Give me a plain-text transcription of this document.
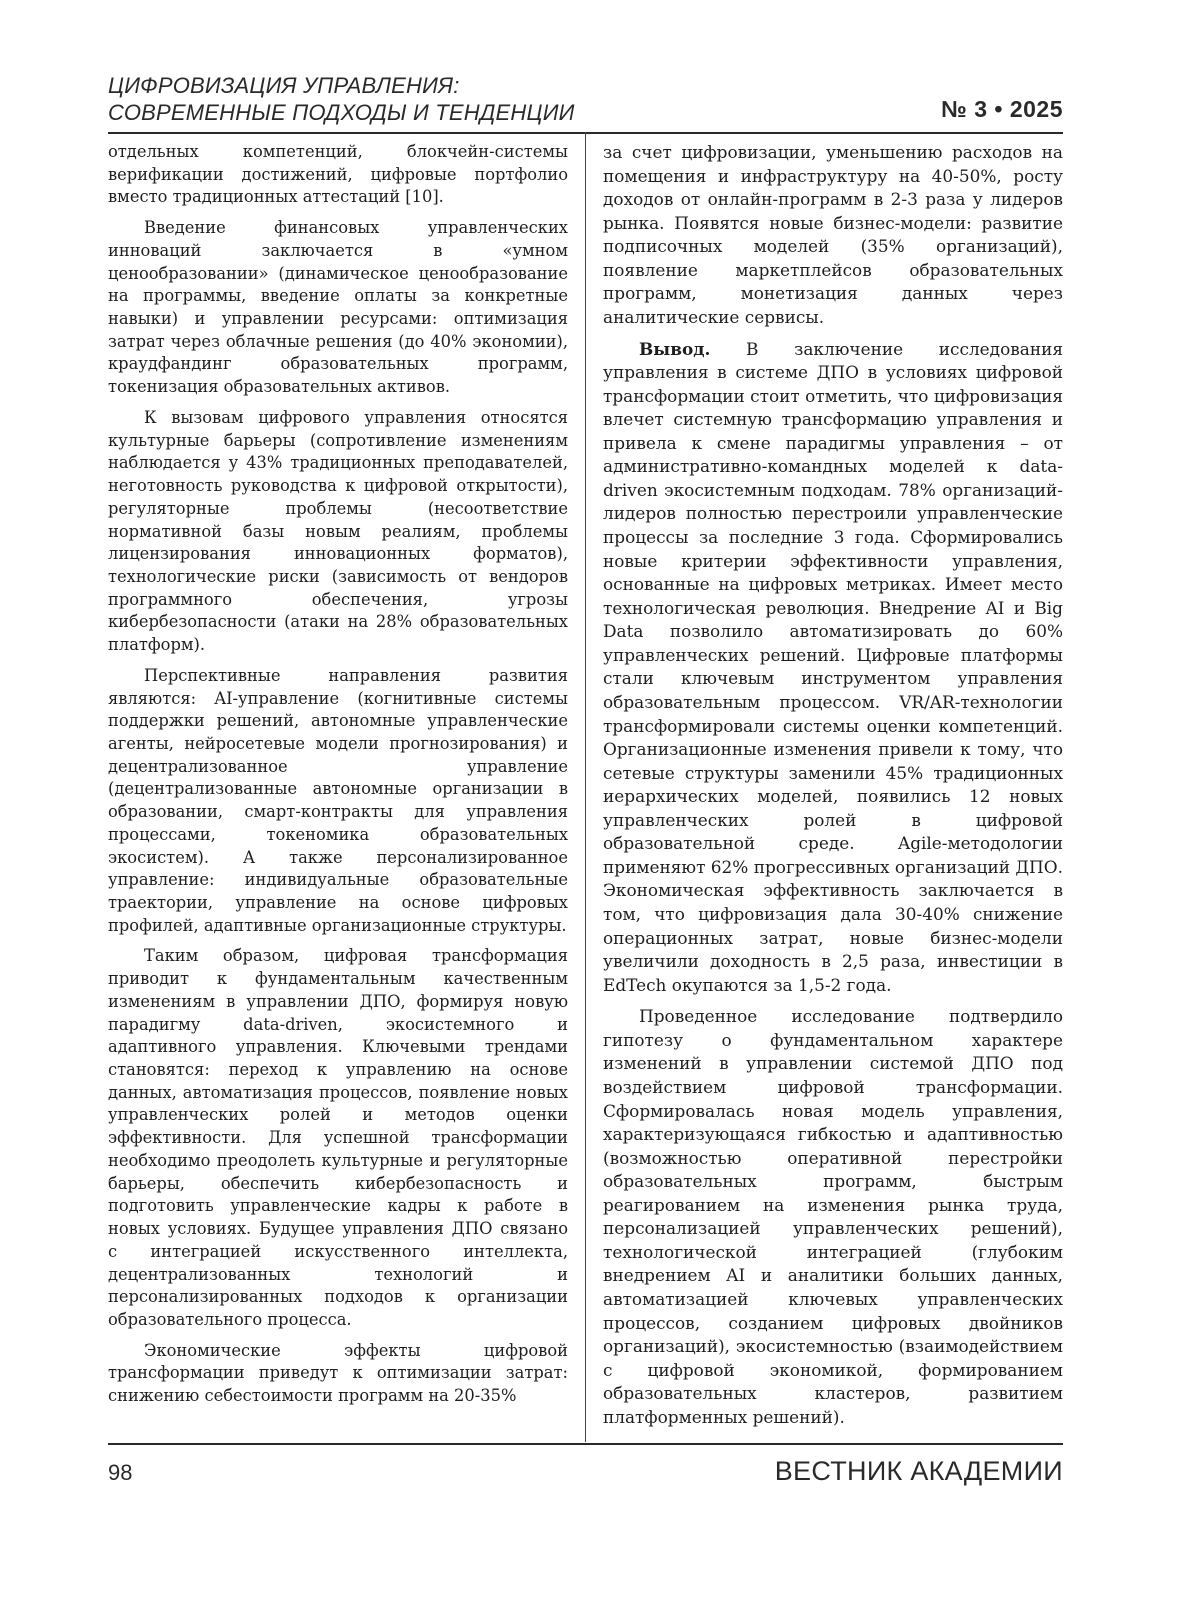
ЦИФРОВИЗАЦИЯ УПРАВЛЕНИЯ:
СОВРЕМЕННЫЕ ПОДХОДЫ И ТЕНДЕНЦИИ	№ 3 • 2025

отдельных компетенций, блокчейн-системы верификации достижений, цифровые портфолио вместо традиционных аттестаций [10].

Введение финансовых управленческих инноваций заключается в «умном ценообразовании» (динамическое ценообразование на программы, введение оплаты за конкретные навыки) и управлении ресурсами: оптимизация затрат через облачные решения (до 40% экономии), краудфандинг образовательных программ, токенизация образовательных активов.

К вызовам цифрового управления относятся культурные барьеры (сопротивление изменениям наблюдается у 43% традиционных преподавателей, неготовность руководства к цифровой открытости), регуляторные проблемы (несоответствие нормативной базы новым реалиям, проблемы лицензирования инновационных форматов), технологические риски (зависимость от вендоров программного обеспечения, угрозы кибербезопасности (атаки на 28% образовательных платформ).

Перспективные направления развития являются: AI-управление (когнитивные системы поддержки решений, автономные управленческие агенты, нейросетевые модели прогнозирования) и децентрализованное управление (децентрализованные автономные организации в образовании, смарт-контракты для управления процессами, токеномика образовательных экосистем). А также персонализированное управление: индивидуальные образовательные траектории, управление на основе цифровых профилей, адаптивные организационные структуры.

Таким образом, цифровая трансформация приводит к фундаментальным качественным изменениям в управлении ДПО, формируя новую парадигму data-driven, экосистемного и адаптивного управления. Ключевыми трендами становятся: переход к управлению на основе данных, автоматизация процессов, появление новых управленческих ролей и методов оценки эффективности. Для успешной трансформации необходимо преодолеть культурные и регуляторные барьеры, обеспечить кибербезопасность и подготовить управленческие кадры к работе в новых условиях. Будущее управления ДПО связано с интеграцией искусственного интеллекта, децентрализованных технологий и персонализированных подходов к организации образовательного процесса.

Экономические эффекты цифровой трансформации приведут к оптимизации затрат: снижению себестоимости программ на 20-35%

за счет цифровизации, уменьшению расходов на помещения и инфраструктуру на 40-50%, росту доходов от онлайн-программ в 2-3 раза у лидеров рынка. Появятся новые бизнес-модели: развитие подписочных моделей (35% организаций), появление маркетплейсов образовательных программ, монетизация данных через аналитические сервисы.

Вывод. В заключение исследования управления в системе ДПО в условиях цифровой трансформации стоит отметить, что цифровизация влечет системную трансформацию управления и привела к смене парадигмы управления – от административно-командных моделей к data-driven экосистемным подходам. 78% организаций-лидеров полностью перестроили управленческие процессы за последние 3 года. Сформировались новые критерии эффективности управления, основанные на цифровых метриках. Имеет место технологическая революция. Внедрение AI и Big Data позволило автоматизировать до 60% управленческих решений. Цифровые платформы стали ключевым инструментом управления образовательным процессом. VR/AR-технологии трансформировали системы оценки компетенций. Организационные изменения привели к тому, что сетевые структуры заменили 45% традиционных иерархических моделей, появились 12 новых управленческих ролей в цифровой образовательной среде. Agile-методологии применяют 62% прогрессивных организаций ДПО. Экономическая эффективность заключается в том, что цифровизация дала 30-40% снижение операционных затрат, новые бизнес-модели увеличили доходность в 2,5 раза, инвестиции в EdTech окупаются за 1,5-2 года.

Проведенное исследование подтвердило гипотезу о фундаментальном характере изменений в управлении системой ДПО под воздействием цифровой трансформации. Сформировалась новая модель управления, характеризующаяся гибкостью и адаптивностью (возможностью оперативной перестройки образовательных программ, быстрым реагированием на изменения рынка труда, персонализацией управленческих решений), технологической интеграцией (глубоким внедрением AI и аналитики больших данных, автоматизацией ключевых управленческих процессов, созданием цифровых двойников организаций), экосистемностью (взаимодействием с цифровой экономикой, формированием образовательных кластеров, развитием платформенных решений).

98	ВЕСТНИК АКАДЕМИИ
